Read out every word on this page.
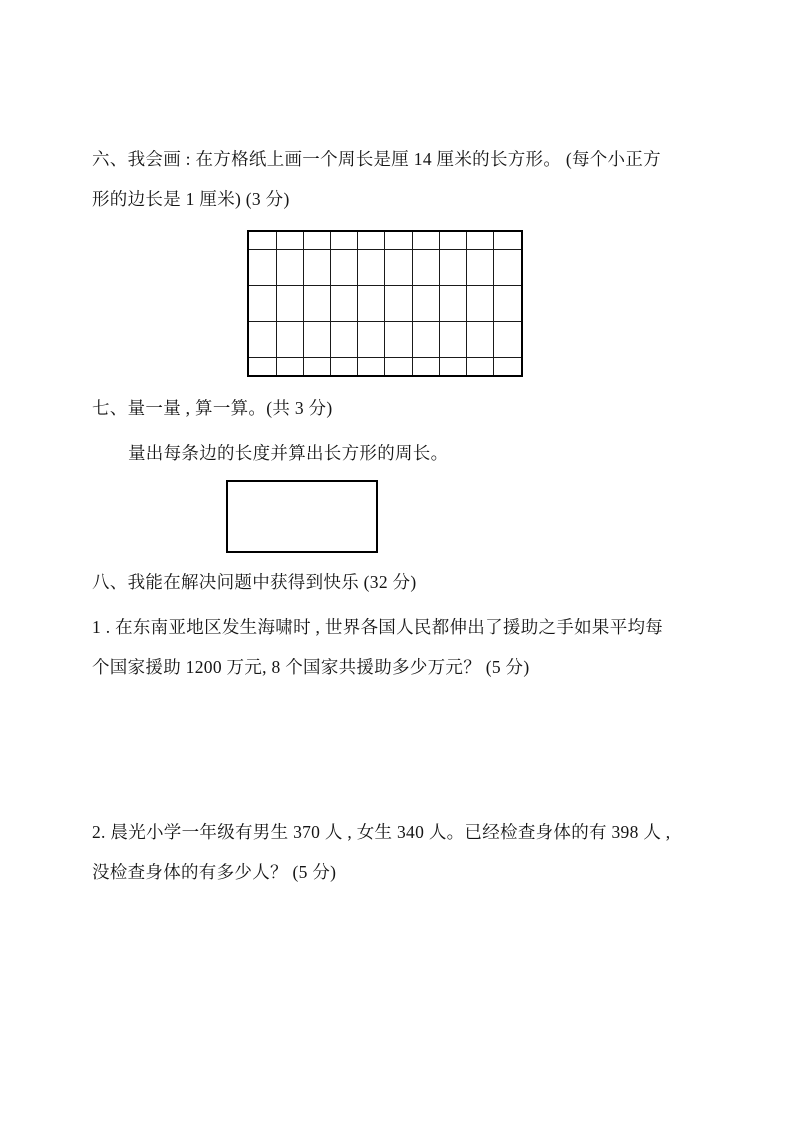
六、我会画 : 在方格纸上画一个周长是厘 14 厘米的长方形。 (每个小正方
形的边长是 1 厘米) (3 分)

七、量一量 , 算一算。(共 3 分)
量出每条边的长度并算出长方形的周长。
八、我能在解决问题中获得到快乐 (32 分)
1 . 在东南亚地区发生海啸时 , 世界各国人民都伸出了援助之手如果平均每
个国家援助 1200 万元, 8 个国家共援助多少万元？ (5 分)
2. 晨光小学一年级有男生 370 人 , 女生 340 人。已经检查身体的有 398 人 ,
没检查身体的有多少人？ (5 分)
